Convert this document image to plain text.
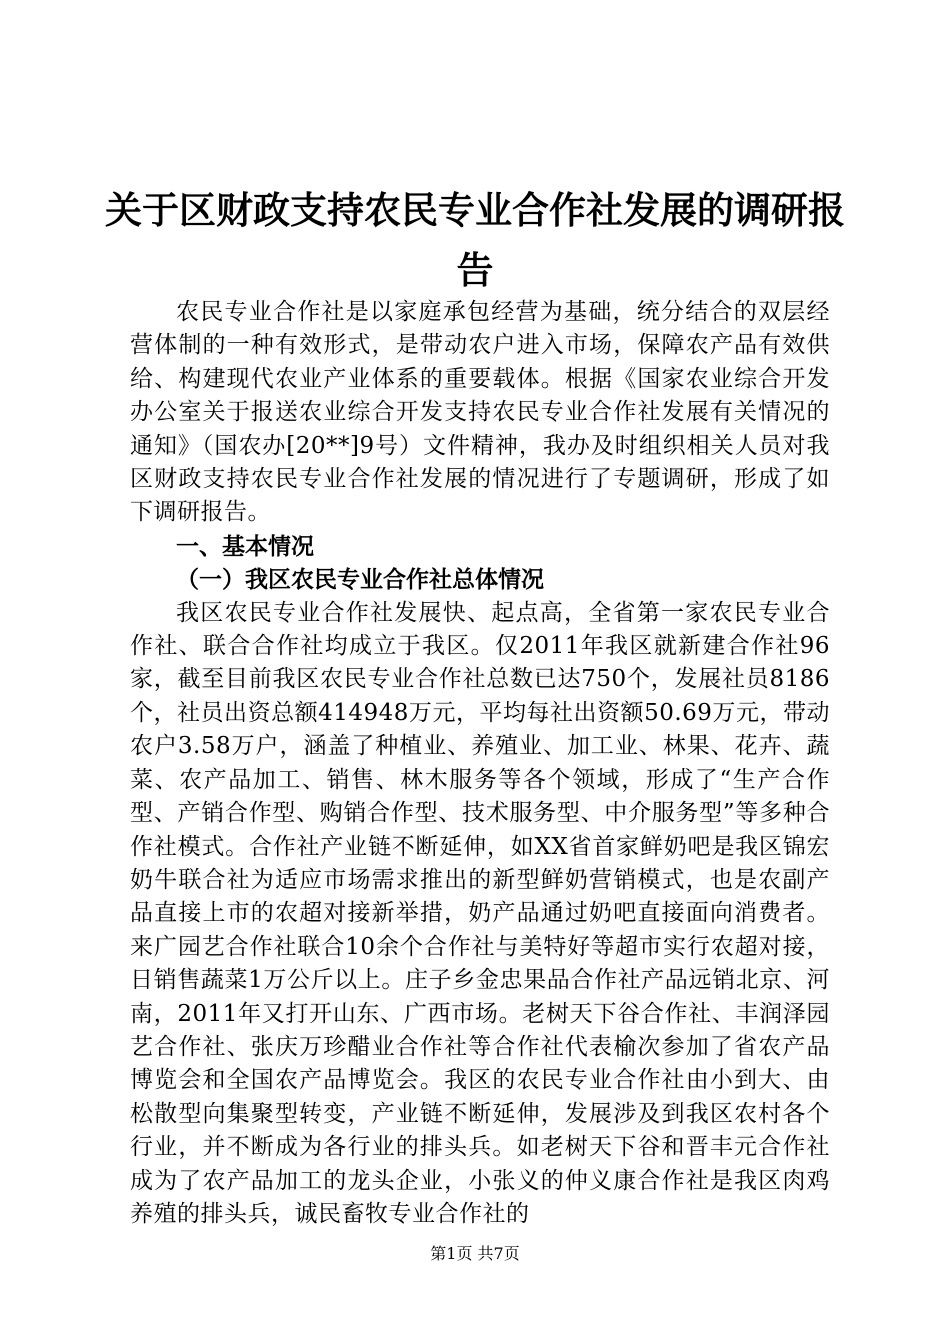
关于区财政支持农民专业合作社发展的调研报告

农民专业合作社是以家庭承包经营为基础，统分结合的双层经营体制的一种有效形式，是带动农户进入市场，保障农产品有效供给、构建现代农业产业体系的重要载体。根据《国家农业综合开发办公室关于报送农业综合开发支持农民专业合作社发展有关情况的通知》（国农办[20**]9号）文件精神，我办及时组织相关人员对我区财政支持农民专业合作社发展的情况进行了专题调研，形成了如下调研报告。

一、基本情况

（一）我区农民专业合作社总体情况

我区农民专业合作社发展快、起点高，全省第一家农民专业合作社、联合合作社均成立于我区。仅2011年我区就新建合作社96家，截至目前我区农民专业合作社总数已达750个，发展社员8186个，社员出资总额414948万元，平均每社出资额50.69万元，带动农户3.58万户，涵盖了种植业、养殖业、加工业、林果、花卉、蔬菜、农产品加工、销售、林木服务等各个领域，形成了“生产合作型、产销合作型、购销合作型、技术服务型、中介服务型”等多种合作社模式。合作社产业链不断延伸，如XX省首家鲜奶吧是我区锦宏奶牛联合社为适应市场需求推出的新型鲜奶营销模式，也是农副产品直接上市的农超对接新举措，奶产品通过奶吧直接面向消费者。来广园艺合作社联合10余个合作社与美特好等超市实行农超对接，日销售蔬菜1万公斤以上。庄子乡金忠果品合作社产品远销北京、河南，2011年又打开山东、广西市场。老树天下谷合作社、丰润泽园艺合作社、张庆万珍醋业合作社等合作社代表榆次参加了省农产品博览会和全国农产品博览会。我区的农民专业合作社由小到大、由松散型向集聚型转变，产业链不断延伸，发展涉及到我区农村各个行业，并不断成为各行业的排头兵。如老树天下谷和晋丰元合作社成为了农产品加工的龙头企业，小张义的仲义康合作社是我区肉鸡养殖的排头兵，诚民畜牧专业合作社的

第1页 共7页
